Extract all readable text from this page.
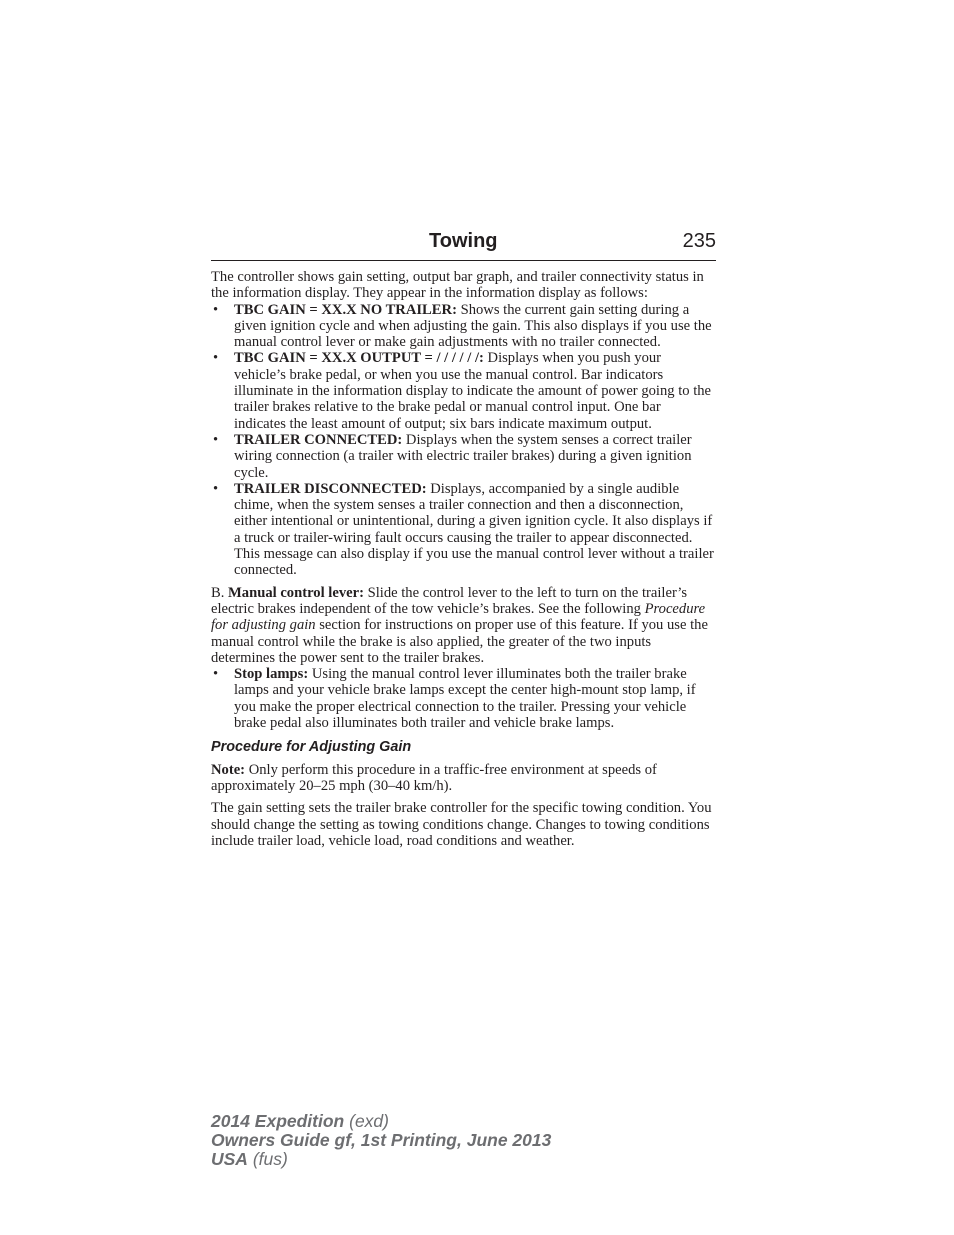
Towing	235

The controller shows gain setting, output bar graph, and trailer connectivity status in the information display. They appear in the information display as follows:

• TBC GAIN = XX.X NO TRAILER: Shows the current gain setting during a given ignition cycle and when adjusting the gain. This also displays if you use the manual control lever or make gain adjustments with no trailer connected.
• TBC GAIN = XX.X OUTPUT = / / / / / /: Displays when you push your vehicle’s brake pedal, or when you use the manual control. Bar indicators illuminate in the information display to indicate the amount of power going to the trailer brakes relative to the brake pedal or manual control input. One bar indicates the least amount of output; six bars indicate maximum output.
• TRAILER CONNECTED: Displays when the system senses a correct trailer wiring connection (a trailer with electric trailer brakes) during a given ignition cycle.
• TRAILER DISCONNECTED: Displays, accompanied by a single audible chime, when the system senses a trailer connection and then a disconnection, either intentional or unintentional, during a given ignition cycle. It also displays if a truck or trailer-wiring fault occurs causing the trailer to appear disconnected. This message can also display if you use the manual control lever without a trailer connected.

B. Manual control lever: Slide the control lever to the left to turn on the trailer’s electric brakes independent of the tow vehicle’s brakes. See the following Procedure for adjusting gain section for instructions on proper use of this feature. If you use the manual control while the brake is also applied, the greater of the two inputs determines the power sent to the trailer brakes.

• Stop lamps: Using the manual control lever illuminates both the trailer brake lamps and your vehicle brake lamps except the center high-mount stop lamp, if you make the proper electrical connection to the trailer. Pressing your vehicle brake pedal also illuminates both trailer and vehicle brake lamps.

Procedure for Adjusting Gain

Note: Only perform this procedure in a traffic-free environment at speeds of approximately 20–25 mph (30–40 km/h).

The gain setting sets the trailer brake controller for the specific towing condition. You should change the setting as towing conditions change. Changes to towing conditions include trailer load, vehicle load, road conditions and weather.

2014 Expedition (exd)
Owners Guide gf, 1st Printing, June 2013
USA (fus)
